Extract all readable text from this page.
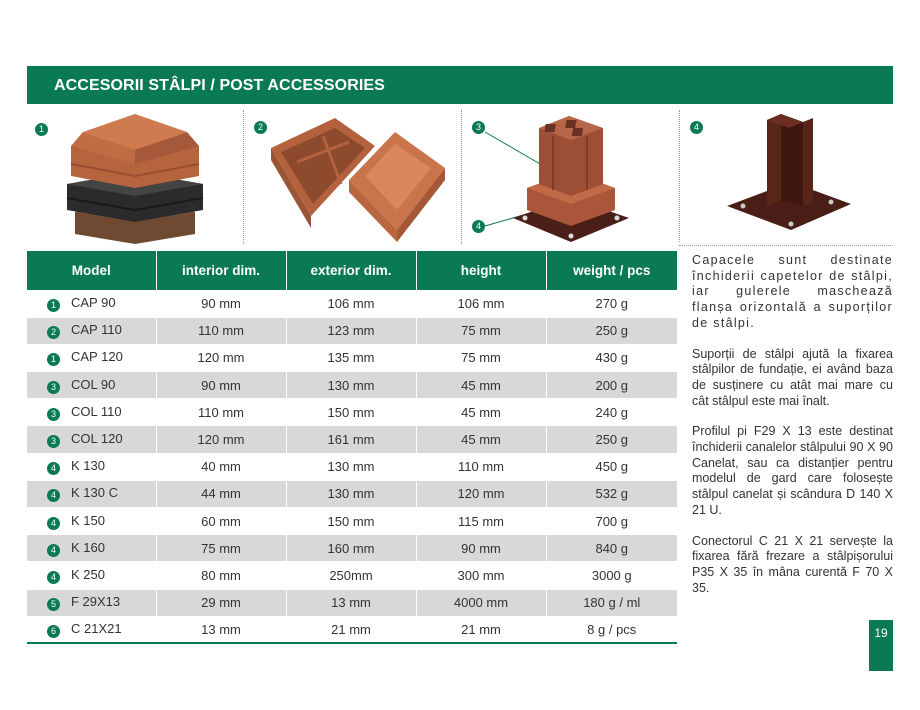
ACCESORII STÂLPI / POST ACCESSORIES
1	2	3
4
4
Model	interior dim.	exterior dim.	height	weight / pcs
1 CAP 90	90 mm	106 mm	106 mm	270 g
2 CAP 110	110 mm	123 mm	75 mm	250 g
1 CAP 120	120 mm	135 mm	75 mm	430 g
3 COL 90	90 mm	130 mm	45 mm	200 g
3 COL 110	110 mm	150 mm	45 mm	240 g
3 COL 120	120 mm	161 mm	45 mm	250 g
4 K 130	40 mm	130 mm	110 mm	450 g
4 K 130 C	44 mm	130 mm	120 mm	532 g
4 K 150	60 mm	150 mm	115 mm	700 g
4 K 160	75 mm	160 mm	90 mm	840 g
4 K 250	80 mm	250mm	300 mm	3000 g
5 F 29X13	29 mm	13 mm	4000 mm	180 g / ml
6 C 21X21	13 mm	21 mm	21 mm	8 g / pcs

Capacele sunt destinate închiderii capetelor de stâlpi, iar gulerele maschează flanșa orizontală a suporților de stâlpi.

Suporții de stâlpi ajută la fixarea stâlpilor de fundație, ei având baza de susținere cu atât mai mare cu cât stâlpul este mai înalt.

Profilul pi F29 X 13 este destinat închiderii canalelor stâlpului 90 X 90 Canelat, sau ca distanțier pentru modelul de gard care folosește stâlpul canelat și scândura D 140 X 21 U.

Conectorul C 21 X 21 servește la fixarea fără frezare a stâlpișorului P35 X 35 în mâna curentă F 70 X 35.

19
